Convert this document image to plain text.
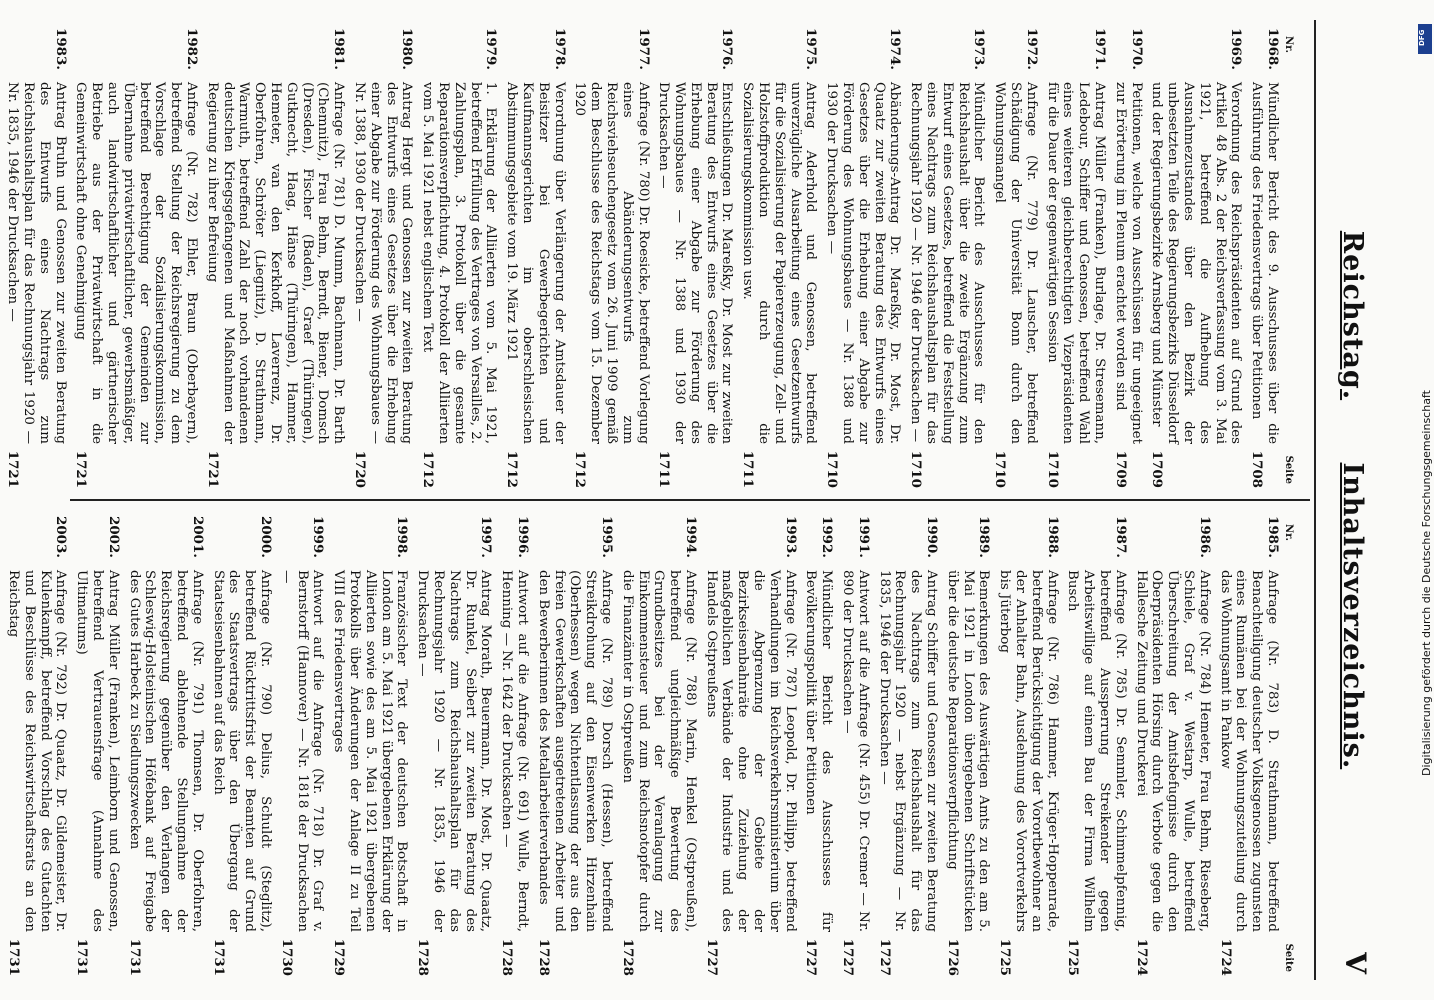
Reichstag.      Inhaltsverzeichnis.
V
Nr.
Seite
1968.
Mündlicher Bericht des 9. Ausschusses über die Ausführung des Friedensvertrags über Petitionen
1708
1969.
Verordnung des Reichspräsidenten auf Grund des Artikel 48 Abs. 2 der Reichsverfassung vom 3. Mai 1921, betreffend die Aufhebung des Ausnahmezustandes über den Bezirk der unbesetzten Teile des Regierungsbezirks Düsseldorf und der Regierungsbezirke Arnsberg und Münster
1709
1970.
Petitionen, welche von Ausschüssen für ungeeignet zur Erörterung im Plenum erachtet worden sind
1709
1971.
Antrag Müller (Franken), Burlage, Dr. Stresemann, Ledebour, Schiffer und Genossen, betreffend Wahl eines weiteren gleichberechtigten Vizepräsidenten für die Dauer der gegenwärtigen Session
1710
1972.
Anfrage (Nr. 779) Dr. Lauscher, betreffend Schädigung der Universität Bonn durch den Wohnungsmangel
1710
1973.
Mündlicher Bericht des Ausschusses für den Reichshaushalt über die zweite Ergänzung zum Entwurf eines Gesetzes, betreffend die Feststellung eines Nachtrags zum Reichshaushaltsplan für das Rechnungsjahr 1920 — Nr. 1946 der Drucksachen —
1710
1974.
Abänderungs-Antrag Dr. Mareßky, Dr. Most, Dr. Quaatz zur zweiten Beratung des Entwurfs eines Gesetzes über die Erhebung einer Abgabe zur Förderung des Wohnungsbaues — Nr. 1388 und 1930 der Drucksachen —
1710
1975.
Antrag Aderhold und Genossen, betreffend unverzügliche Ausarbeitung eines Gesetzentwurfs für die Sozialisierung der Papiererzeugung, Zell- und Holzstoffproduktion durch die Sozialisierungskommission usw.
1711
1976.
Entschließungen Dr. Mareßky, Dr. Most zur zweiten Beratung des Entwurfs eines Gesetzes über die Erhebung einer Abgabe zur Förderung des Wohnungsbaues — Nr. 1388 und 1930 der Drucksachen —
1711
1977.
Anfrage (Nr. 780) Dr. Roesicke, betreffend Vorlegung eines Abänderungsentwurfs zum Reichsviehseuchengesetz vom 26. Juni 1909 gemäß dem Beschlusse des Reichstags vom 15. Dezember 1920
1712
1978.
Verordnung über Verlängerung der Amtsdauer der Beisitzer bei Gewerbegerichten und Kaufmannsgerichten im oberschlesischen Abstimmungsgebiete vom 19. März 1921
1712
1979.
1. Erklärung der Alliierten vom 5. Mai 1921, betreffend Erfüllung des Vertrages von Versailles, 2. Zahlungsplan, 3. Protokoll über die gesamte Reparationsverpflichtung, 4. Protokoll der Alliierten vom 5. Mai 1921 nebst englischem Text
1712
1980.
Antrag Hergt und Genossen zur zweiten Beratung des Entwurfs eines Gesetzes über die Erhebung einer Abgabe zur Förderung des Wohnungsbaues — Nr. 1388, 1930 der Drucksachen —
1720
1981.
Anfrage (Nr. 781) D. Mumm, Bachmann, Dr. Barth (Chemnitz), Frau Behm, Berndt, Biener, Domsch (Dresden), Fischer (Baden), Graef (Thüringen), Gutknecht, Haag, Hänse (Thüringen), Hammer, Hemeter, van den Kerkhoff, Laverrenz, Dr. Oberfohren, Schröter (Liegnitz), D. Strathmann, Warmuth, betreffend Zahl der noch vorhandenen deutschen Kriegsgefangenen und Maßnahmen der Regierung zu ihrer Befreiung
1721
1982.
Anfrage (Nr. 782) Ehler, Braun (Oberbayern), betreffend Stellung der Reichsregierung zu dem Vorschlage der Sozialisierungskommission, betreffend Berechtigung der Gemeinden zur Übernahme privatwirtschaftlicher, gewerbsmäßiger, auch landwirtschaftlicher und gärtnerischer Betriebe aus der Privatwirtschaft in die Gemeinwirtschaft ohne Genehmigung
1721
1983.
Antrag Bruhn und Genossen zur zweiten Beratung des Entwurfs eines Nachtrags zum Reichshaushaltsplan für das Rechnungsjahr 1920 — Nr. 1835, 1946 der Drucksachen —
1721
Nr.
Seite
1985.
Anfrage (Nr. 783) D. Strathmann, betreffend Benachteiligung deutscher Volksgenossen zugunsten eines Rumänen bei der Wohnungszuteilung durch das Wohnungsamt in Pankow
1724
1986.
Anfrage (Nr. 784) Hemeter, Frau Behm, Rieseberg, Schiele, Graf v. Westarp, Wulle, betreffend Überschreitung der Amtsbefugnisse durch den Oberpräsidenten Hörsing durch Verbote gegen die Hallesche Zeitung und Druckerei
1724
1987.
Anfrage (Nr. 785) Dr. Semmler, Schimmelpfennig, betreffend Aussperrung Streikender gegen Arbeitswillige auf einem Bau der Firma Wilhelm Busch
1725
1988.
Anfrage (Nr. 786) Hammer, Krüger-Hoppenrade, betreffend Berücksichtigung der Vorortbewohner an der Anhalter Bahn, Ausdehnung des Vorortverkehrs bis Jüterbog
1725
1989.
Bemerkungen des Auswärtigen Amts zu den am 5. Mai 1921 in London übergebenen Schriftstücken über die deutsche Reparationsverpflichtung
1726
1990.
Antrag Schiffer und Genossen zur zweiten Beratung des Nachtrags zum Reichshaushalt für das Rechnungsjahr 1920 — nebst Ergänzung — Nr. 1835, 1946 der Drucksachen —
1727
1991.
Antwort auf die Anfrage (Nr. 455) Dr. Cremer — Nr. 890 der Drucksachen —
1727
1992.
Mündlicher Bericht des Ausschusses für Bevölkerungspolitik über Petitionen
1727
1993.
Anfrage (Nr. 787) Leopold, Dr. Philipp, betreffend Verhandlungen im Reichsverkehrsministerium über die Abgrenzung der Gebiete der Bezirkseisenbahnräte ohne Zuziehung der maßgeblichen Verbände der Industrie und des Handels Ostpreußens
1727
1994.
Anfrage (Nr. 788) Marin, Henkel (Ostpreußen), betreffend ungleichmäßige Bewertung des Grundbesitzes bei der Veranlagung zur Einkommensteuer und zum Reichsnotopfer durch die Finanzämter in Ostpreußen
1728
1995.
Anfrage (Nr. 789) Dorsch (Hessen), betreffend Streikdrohung auf den Eisenwerken Hirzenhain (Oberhessen) wegen Nichtentlassung der aus den freien Gewerkschaften ausgetretenen Arbeiter und den Bewerberinnen des Metallarbeiterverbandes
1728
1996.
Antwort auf die Anfrage (Nr. 691) Wulle, Berndt, Henning — Nr. 1642 der Drucksachen —
1728
1997.
Antrag Morath, Beuermann, Dr. Most, Dr. Quaatz, Dr. Runkel, Seibert zur zweiten Beratung des Nachtrags zum Reichshaushaltsplan für das Rechnungsjahr 1920 — Nr. 1835, 1946 der Drucksachen —
1728
1998.
Französischer Text der deutschen Botschaft in London am 5. Mai 1921 übergebenen Erklärung der Alliierten sowie des am 5. Mai 1921 übergebenen Protokolls über Änderungen der Anlage II zu Teil VIII des Friedensvertrages
1729
1999.
Antwort auf die Anfrage (Nr. 718) Dr. Graf v. Bernstorff (Hannover) — Nr. 1818 der Drucksachen —
1730
2000.
Anfrage (Nr. 790) Delius, Schuldt (Steglitz), betreffend Rücktrittsfrist der Beamten auf Grund des Staatsvertrags über den Übergang der Staatseisenbahnen auf das Reich
1731
2001.
Anfrage (Nr. 791) Thomsen, Dr. Oberfohren, betreffend ablehnende Stellungnahme der Reichsregierung gegenüber den Verlangen der Schleswig-Holsteinischen Höfebank auf Freigabe des Gutes Harbeck zu Siedlungszwecken
1731
2002.
Antrag Müller (Franken), Leimborn und Genossen, betreffend Vertrauensfrage (Annahme des Ultimatums)
1731
2003.
Anfrage (Nr. 792) Dr. Quaatz, Dr. Gildemeister, Dr. Kulenkampff, betreffend Vorschlag des Gutachten und Beschlüsse des Reichswirtschaftsrats an den Reichstag
1731
DFG
Digitalisierung gefördert durch die Deutsche Forschungsgemeinschaft
